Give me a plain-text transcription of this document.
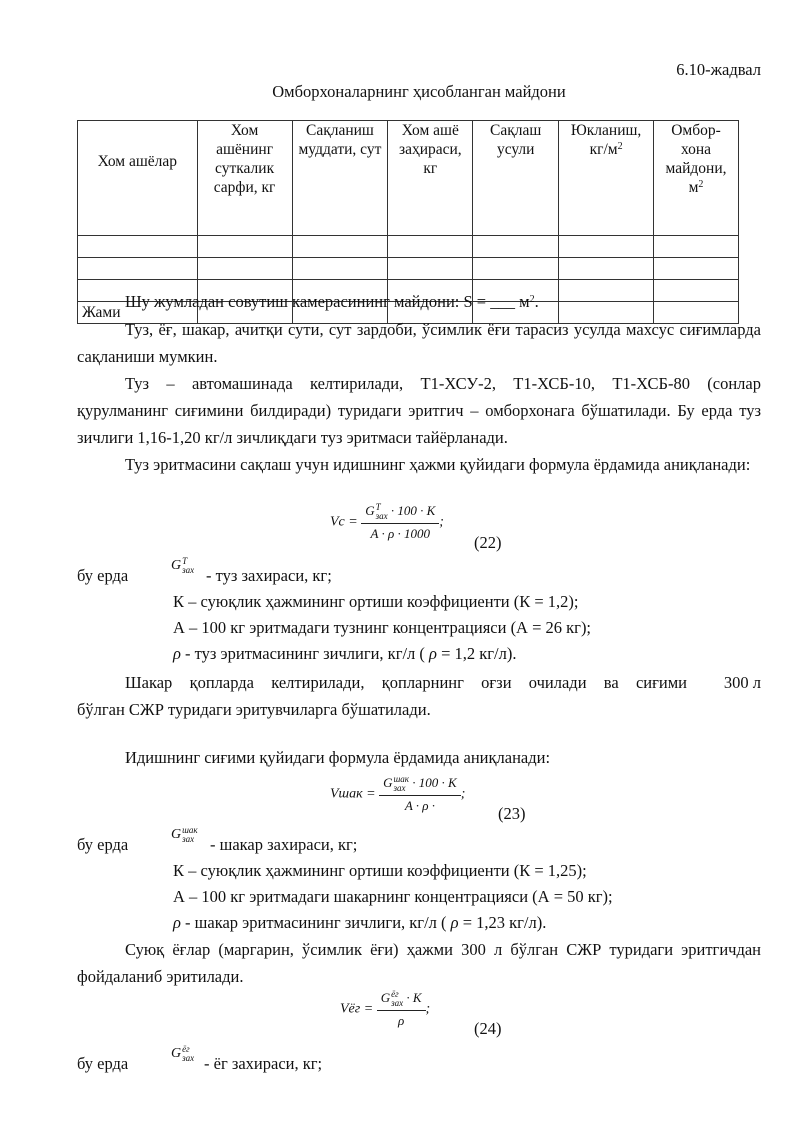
6.10-жадвал
Омборхоналарнинг ҳисобланган майдони
Хом ашёлар	Хом ашёнинг суткалик сарфи, кг	Сақланиш муддати, сут	Хом ашё заҳираси, кг	Сақлаш усули	Юкланиш, $кг/м^2$	Омбор-хона майдони, $м^2$

Жами						
Шу жумладан совутиш камерасининг майдони: S = ___ $м^2$.
Туз, ёғ, шакар, ачитқи сути, сут зардоби, ўсимлик ёғи тарасиз усулда махсус сиғимларда сақланиши мумкин.
Туз – автомашинада келтирилади, Т1-ХСУ-2, Т1-ХСБ-10, Т1-ХСБ-80 (сонлар қурулманинг сиғимини билдиради) туридаги эритгич – омборхонага бўшатилади. Бу ерда туз зичлиги 1,16-1,20 кг/л зичлиқдаги туз эритмаси тайёрланади.
Туз эритмасини сақлаш учун идишнинг ҳажми қуйидаги формула ёрдамида аниқланади:
Vc = G T
зах · 100 · K
A · ρ · 1000 ;
(22)
бу ерда
G T
зах - туз захираси, кг;
К – суюқлик ҳажмининг ортиши коэффициенти (К = 1,2);
А – 100 кг эритмадаги тузнинг концентрацияси (А = 26 кг);
ρ - туз эритмасининг зичлиги, кг/л ( ρ = 1,2 кг/л).
Шакар қопларда келтирилади, қопларнинг оғзи очилади ва сиғими 300 л
бўлган СЖР туридаги эритувчиларга бўшатилади.
Идишнинг сиғими қуйидаги формула ёрдамида аниқланади:
Vшак = G шак
зах · 100 · K
A · ρ · ;
(23)
бу ерда
G шак
зах - шакар захираси, кг;
К – суюқлик ҳажмининг ортиши коэффициенти (К = 1,25);
А – 100 кг эритмадаги шакарнинг концентрацияси (А = 50 кг);
ρ - шакар эритмасининг зичлиги, кг/л ( ρ = 1,23 кг/л).
Суюқ ёғлар (маргарин, ўсимлик ёғи) ҳажми 300 л бўлган СЖР туридаги эритгичдан фойдаланиб эритилади.
Vёг = G ёг
зах · K
ρ ;
(24)
бу ерда
G ёг
зах - ёг захираси, кг;
